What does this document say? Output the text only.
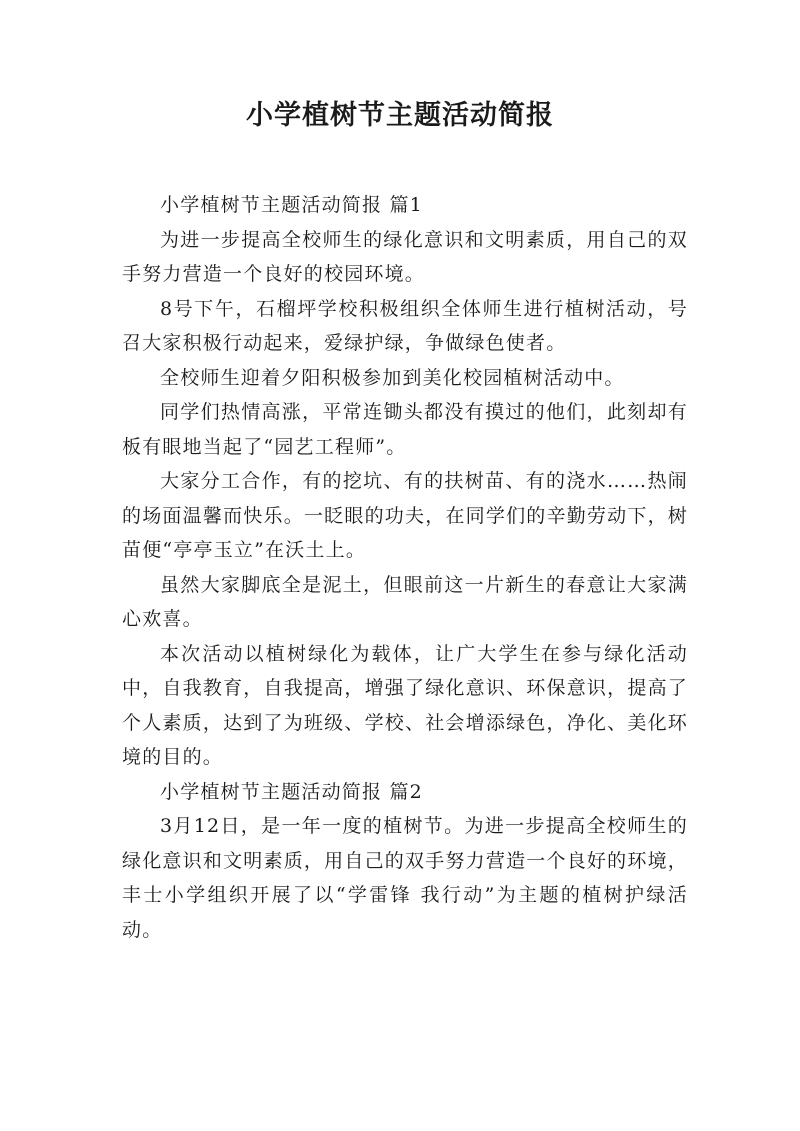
小学植树节主题活动简报

小学植树节主题活动简报 篇1

为进一步提高全校师生的绿化意识和文明素质，用自己的双手努力营造一个良好的校园环境。

8号下午，石榴坪学校积极组织全体师生进行植树活动，号召大家积极行动起来，爱绿护绿，争做绿色使者。

全校师生迎着夕阳积极参加到美化校园植树活动中。

同学们热情高涨，平常连锄头都没有摸过的他们，此刻却有板有眼地当起了“园艺工程师”。

大家分工合作，有的挖坑、有的扶树苗、有的浇水……热闹的场面温馨而快乐。一眨眼的功夫，在同学们的辛勤劳动下，树苗便“亭亭玉立”在沃土上。

虽然大家脚底全是泥土，但眼前这一片新生的春意让大家满心欢喜。

本次活动以植树绿化为载体，让广大学生在参与绿化活动中，自我教育，自我提高，增强了绿化意识、环保意识，提高了个人素质，达到了为班级、学校、社会增添绿色，净化、美化环境的目的。

小学植树节主题活动简报 篇2

3月12日，是一年一度的植树节。为进一步提高全校师生的绿化意识和文明素质，用自己的双手努力营造一个良好的环境，丰士小学组织开展了以“学雷锋 我行动”为主题的植树护绿活动。
